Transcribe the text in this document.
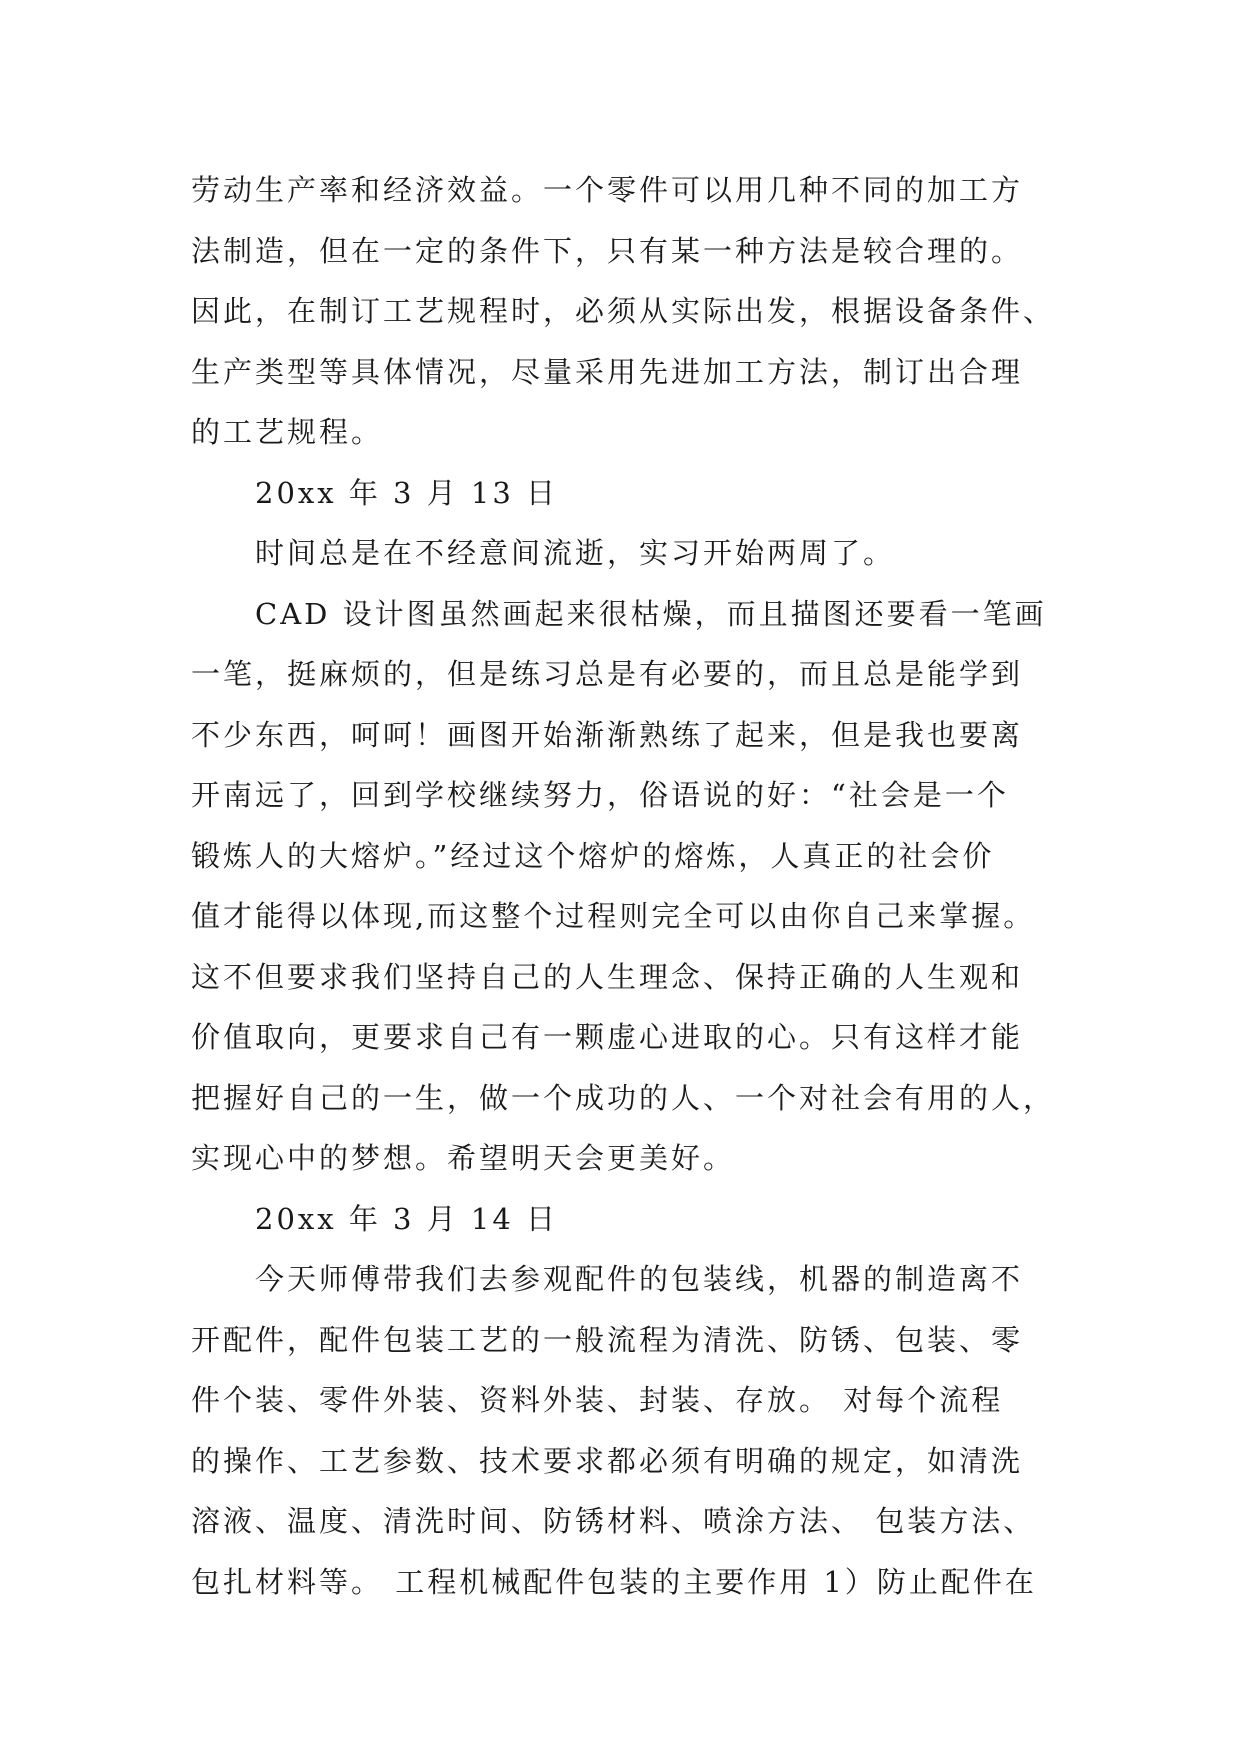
劳动生产率和经济效益。一个零件可以用几种不同的加工方
法制造，但在一定的条件下，只有某一种方法是较合理的。
因此，在制订工艺规程时，必须从实际出发，根据设备条件、
生产类型等具体情况，尽量采用先进加工方法，制订出合理
的工艺规程。
20xx 年 3 月 13 日
时间总是在不经意间流逝，实习开始两周了。
CAD 设计图虽然画起来很枯燥，而且描图还要看一笔画
一笔，挺麻烦的，但是练习总是有必要的，而且总是能学到
不少东西，呵呵！画图开始渐渐熟练了起来，但是我也要离
开南远了，回到学校继续努力，俗语说的好：“社会是一个
锻炼人的大熔炉。”经过这个熔炉的熔炼，人真正的社会价
值才能得以体现,而这整个过程则完全可以由你自己来掌握。
这不但要求我们坚持自己的人生理念、保持正确的人生观和
价值取向，更要求自己有一颗虚心进取的心。只有这样才能
把握好自己的一生，做一个成功的人、一个对社会有用的人，
实现心中的梦想。希望明天会更美好。
20xx 年 3 月 14 日
今天师傅带我们去参观配件的包装线，机器的制造离不
开配件，配件包装工艺的一般流程为清洗、防锈、包装、零
件个装、零件外装、资料外装、封装、存放。 对每个流程
的操作、工艺参数、技术要求都必须有明确的规定，如清洗
溶液、温度、清洗时间、防锈材料、喷涂方法、 包装方法、
包扎材料等。 工程机械配件包装的主要作用 1）防止配件在
